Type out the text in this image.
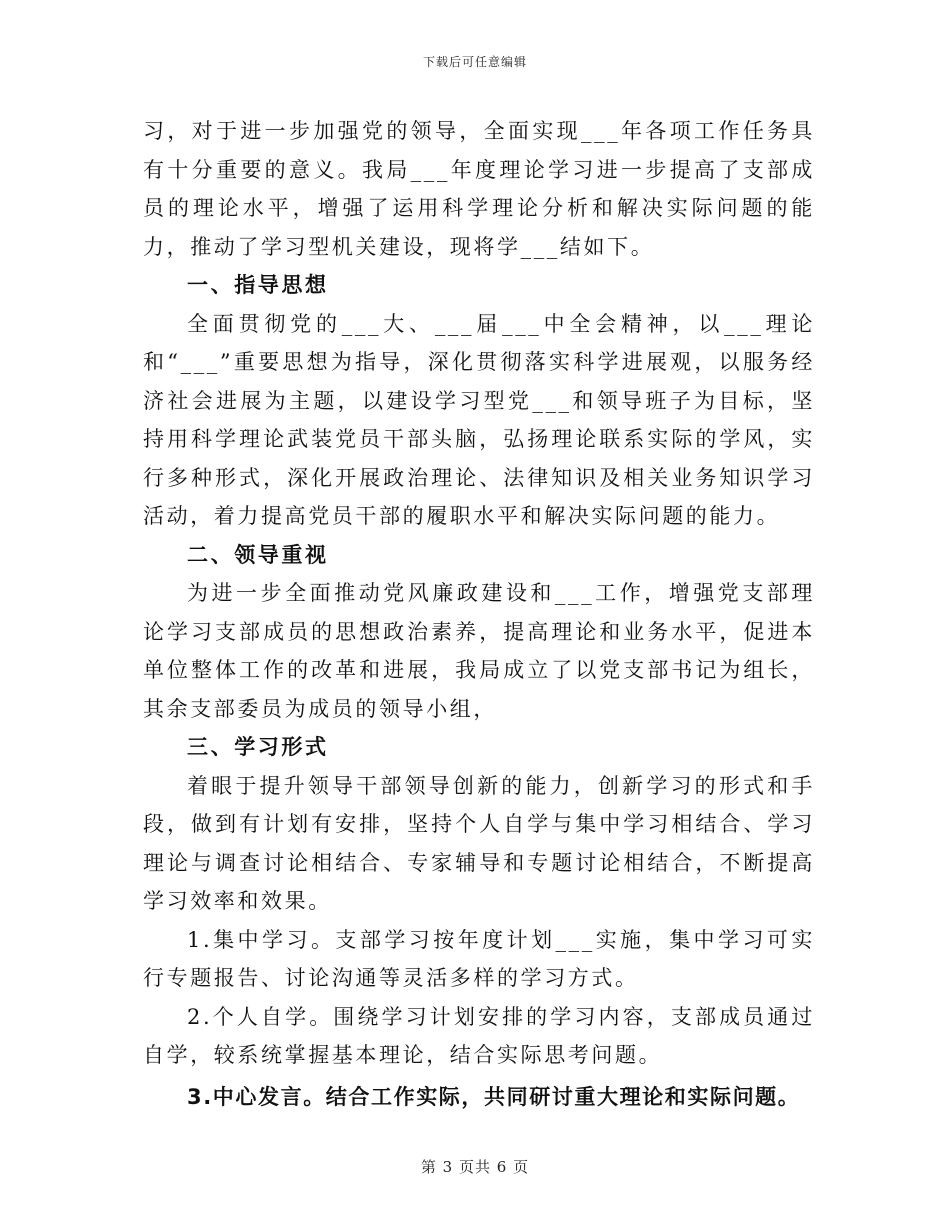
下载后可任意编辑

习，对于进一步加强党的领导，全面实现___年各项工作任务具有十分重要的意义。我局___年度理论学习进一步提高了支部成员的理论水平，增强了运用科学理论分析和解决实际问题的能力，推动了学习型机关建设，现将学___结如下。

一、指导思想

全面贯彻党的___大、___届___中全会精神，以___理论和“___”重要思想为指导，深化贯彻落实科学进展观，以服务经济社会进展为主题，以建设学习型党___和领导班子为目标，坚持用科学理论武装党员干部头脑，弘扬理论联系实际的学风，实行多种形式，深化开展政治理论、法律知识及相关业务知识学习活动，着力提高党员干部的履职水平和解决实际问题的能力。

二、领导重视

为进一步全面推动党风廉政建设和___工作，增强党支部理论学习支部成员的思想政治素养，提高理论和业务水平，促进本单位整体工作的改革和进展，我局成立了以党支部书记为组长，其余支部委员为成员的领导小组，

三、学习形式

着眼于提升领导干部领导创新的能力，创新学习的形式和手段，做到有计划有安排，坚持个人自学与集中学习相结合、学习理论与调查讨论相结合、专家辅导和专题讨论相结合，不断提高学习效率和效果。

1.集中学习。支部学习按年度计划___实施，集中学习可实行专题报告、讨论沟通等灵活多样的学习方式。

2.个人自学。围绕学习计划安排的学习内容，支部成员通过自学，较系统掌握基本理论，结合实际思考问题。

3.中心发言。结合工作实际，共同研讨重大理论和实际问题。

第 3 页共 6 页
